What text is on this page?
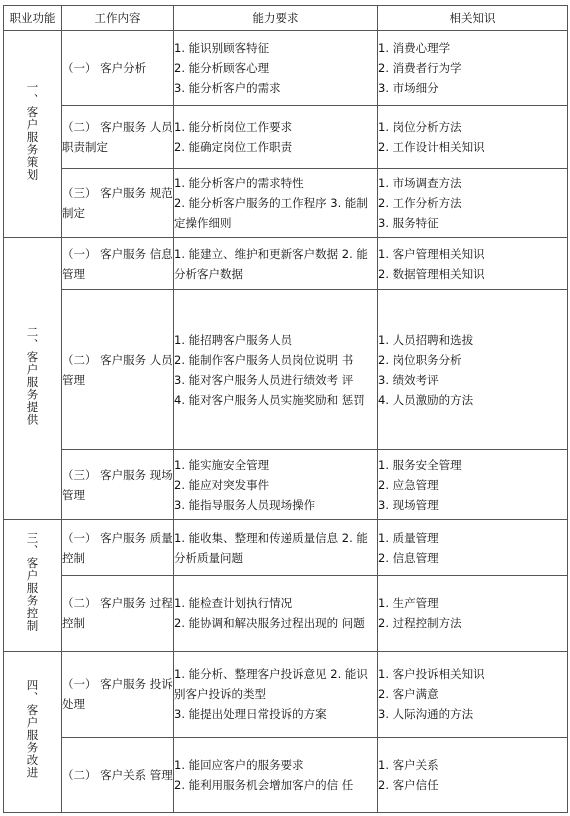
职业功能	工作内容	能力要求	相关知识
一、客户服务策划	（一） 客户分析	1. 能识别顾客特征
2. 能分析顾客心理
3. 能分析客户的需求	1. 消费心理学
2. 消费者行为学
3. 市场细分

	（二） 客户服务 人员职责制定	1. 能分析岗位工作要求
2. 能确定岗位工作职责	1. 岗位分析方法
2. 工作设计相关知识

	（三） 客户服务 规范制定	1. 能分析客户的需求特性
2. 能分析客户服务的工作程序 3. 能制定操作细则	1. 市场调查方法
2. 工作分析方法
3. 服务特征

二、客户服务提供	（一） 客户服务 信息管理	1. 能建立、维护和更新客户数据 2. 能分析客户数据	1. 客户管理相关知识
2. 数据管理相关知识

	（二） 客户服务 人员管理	1. 能招聘客户服务人员
2. 能制作客户服务人员岗位说明 书
3. 能对客户服务人员进行绩效考 评
4. 能对客户服务人员实施奖励和 惩罚	1. 人员招聘和选拔
2. 岗位职务分析
3. 绩效考评
4. 人员激励的方法

	（三） 客户服务 现场管理	1. 能实施安全管理
2. 能应对突发事件
3. 能指导服务人员现场操作	1. 服务安全管理
2. 应急管理
3. 现场管理

三、客户服务控制	（一） 客户服务 质量控制	1. 能收集、整理和传递质量信息 2. 能分析质量问题	1. 质量管理
2. 信息管理

	（二） 客户服务 过程控制	1. 能检查计划执行情况
2. 能协调和解决服务过程出现的 问题	1. 生产管理
2. 过程控制方法

四、客户服务改进	（一） 客户服务 投诉处理	1. 能分析、整理客户投诉意见 2. 能识别客户投诉的类型
3. 能提出处理日常投诉的方案	1. 客户投诉相关知识
2. 客户满意
3. 人际沟通的方法

	（二） 客户关系 管理	1. 能回应客户的服务要求
2. 能利用服务机会增加客户的信 任	1. 客户关系
2. 客户信任
